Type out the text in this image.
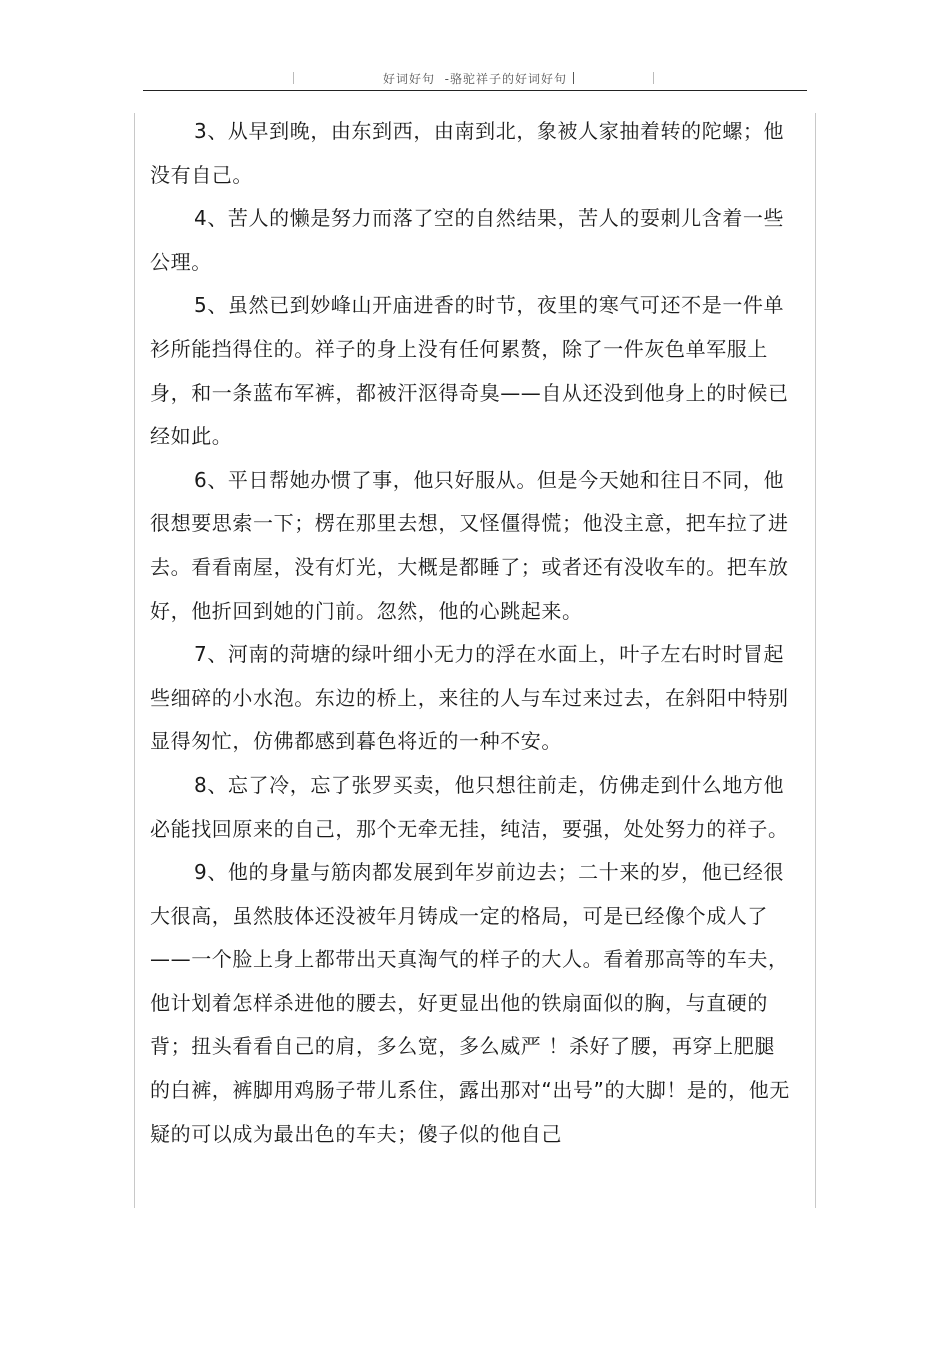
好词好句  -骆驼祥子的好词好句

3、从早到晚，由东到西，由南到北，象被人家抽着转的陀螺；他没有自己。

4、苦人的懒是努力而落了空的自然结果，苦人的耍刺儿含着一些公理。

5、虽然已到妙峰山开庙进香的时节，夜里的寒气可还不是一件单衫所能挡得住的。祥子的身上没有任何累赘，除了一件灰色单军服上身，和一条蓝布军裤，都被汗沤得奇臭——自从还没到他身上的时候已经如此。

6、平日帮她办惯了事，他只好服从。但是今天她和往日不同，他很想要思索一下；楞在那里去想，又怪僵得慌；他没主意，把车拉了进去。看看南屋，没有灯光，大概是都睡了；或者还有没收车的。把车放好，他折回到她的门前。忽然，他的心跳起来。

7、河南的菏塘的绿叶细小无力的浮在水面上，叶子左右时时冒起些细碎的小水泡。东边的桥上，来往的人与车过来过去，在斜阳中特别显得匆忙，仿佛都感到暮色将近的一种不安。

8、忘了冷，忘了张罗买卖，他只想往前走，仿佛走到什么地方他必能找回原来的自己，那个无牵无挂，纯洁，要强，处处努力的祥子。

9、他的身量与筋肉都发展到年岁前边去；二十来的岁，他已经很大很高，虽然肢体还没被年月铸成一定的格局，可是已经像个成人了——一个脸上身上都带出天真淘气的样子的大人。看着那高等的车夫，他计划着怎样杀进他的腰去，好更显出他的铁扇面似的胸，与直硬的背；扭头看看自己的肩，多么宽，多么威严 ！杀好了腰，再穿上肥腿的白裤，裤脚用鸡肠子带儿系住，露出那对“出号”的大脚！是的，他无疑的可以成为最出色的车夫；傻子似的他自己
